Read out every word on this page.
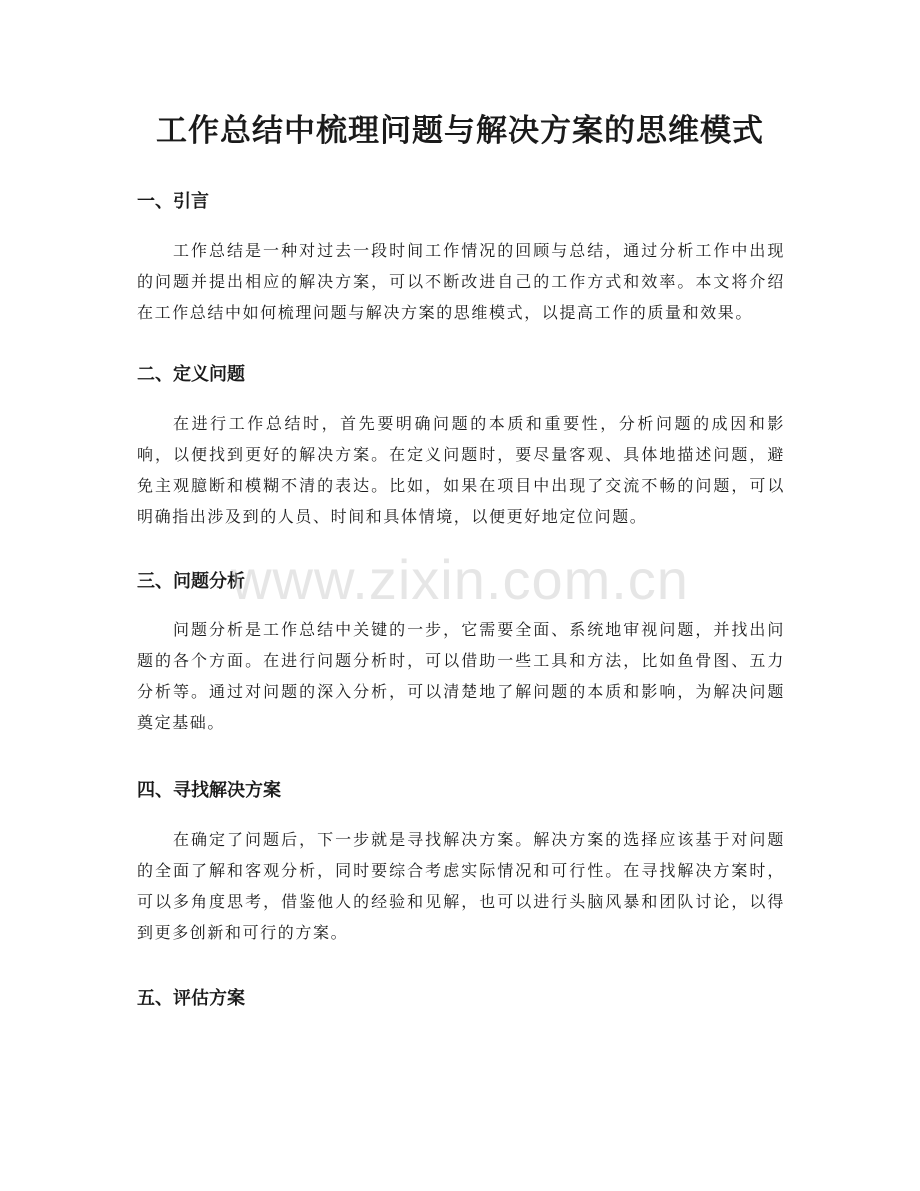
工作总结中梳理问题与解决方案的思维模式
一、引言

工作总结是一种对过去一段时间工作情况的回顾与总结，通过分析工作中出现的问题并提出相应的解决方案，可以不断改进自己的工作方式和效率。本文将介绍在工作总结中如何梳理问题与解决方案的思维模式，以提高工作的质量和效果。

二、定义问题

在进行工作总结时，首先要明确问题的本质和重要性，分析问题的成因和影响，以便找到更好的解决方案。在定义问题时，要尽量客观、具体地描述问题，避免主观臆断和模糊不清的表达。比如，如果在项目中出现了交流不畅的问题，可以明确指出涉及到的人员、时间和具体情境，以便更好地定位问题。

三、问题分析

问题分析是工作总结中关键的一步，它需要全面、系统地审视问题，并找出问题的各个方面。在进行问题分析时，可以借助一些工具和方法，比如鱼骨图、五力分析等。通过对问题的深入分析，可以清楚地了解问题的本质和影响，为解决问题奠定基础。

四、寻找解决方案

在确定了问题后，下一步就是寻找解决方案。解决方案的选择应该基于对问题的全面了解和客观分析，同时要综合考虑实际情况和可行性。在寻找解决方案时，可以多角度思考，借鉴他人的经验和见解，也可以进行头脑风暴和团队讨论，以得到更多创新和可行的方案。

五、评估方案
www.zixin.com.cn
